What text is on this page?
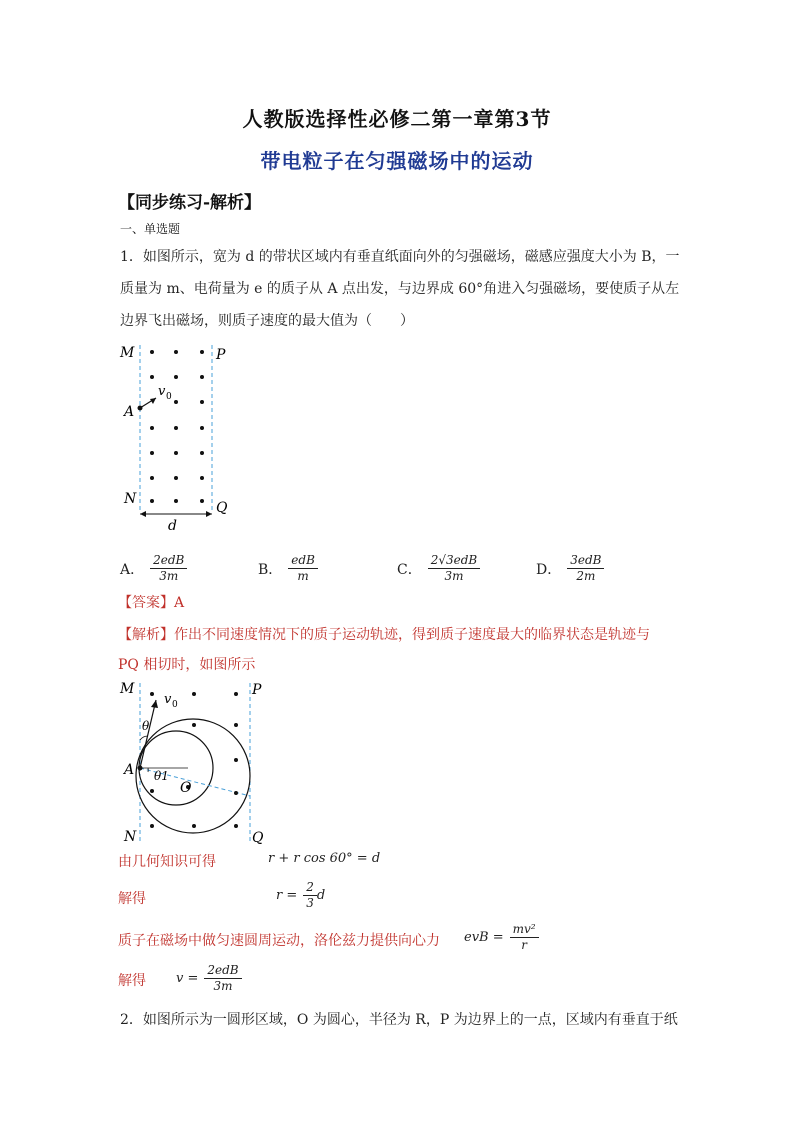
人教版选择性必修二第一章第3节
带电粒子在匀强磁场中的运动
【同步练习-解析】
一、单选题
1．如图所示，宽为 d 的带状区域内有垂直纸面向外的匀强磁场，磁感应强度大小为 B，一
质量为 m、电荷量为 e 的质子从 A 点出发，与边界成 60°角进入匀强磁场，要使质子从左
边界飞出磁场，则质子速度的最大值为（　　）
M	P
A
v 0
N
Q
d
A． $\frac{\text{2edB}}{3m}$	B． $\frac{\text{edB}}{m}$	C． $\frac{\text{2√3edB}}{3m}$	D． $\frac{\text{3edB}}{2m}$
【答案】A
【解析】作出不同速度情况下的质子运动轨迹，得到质子速度最大的临界状态是轨迹与
PQ 相切时，如图所示
M	P
A
θ
θ1
O
v 0
N	Q
由几何知识可得	r + r cos 60° = d
解得	$r = \frac{2}{3}$ d
质子在磁场中做匀速圆周运动，洛伦兹力提供向心力 evB = $\frac{\text{mv²}}{r}$
解得 $v = \frac{\text{2edB}}{3m}$
2．如图所示为一圆形区域，O 为圆心，半径为 R，P 为边界上的一点，区域内有垂直于纸
